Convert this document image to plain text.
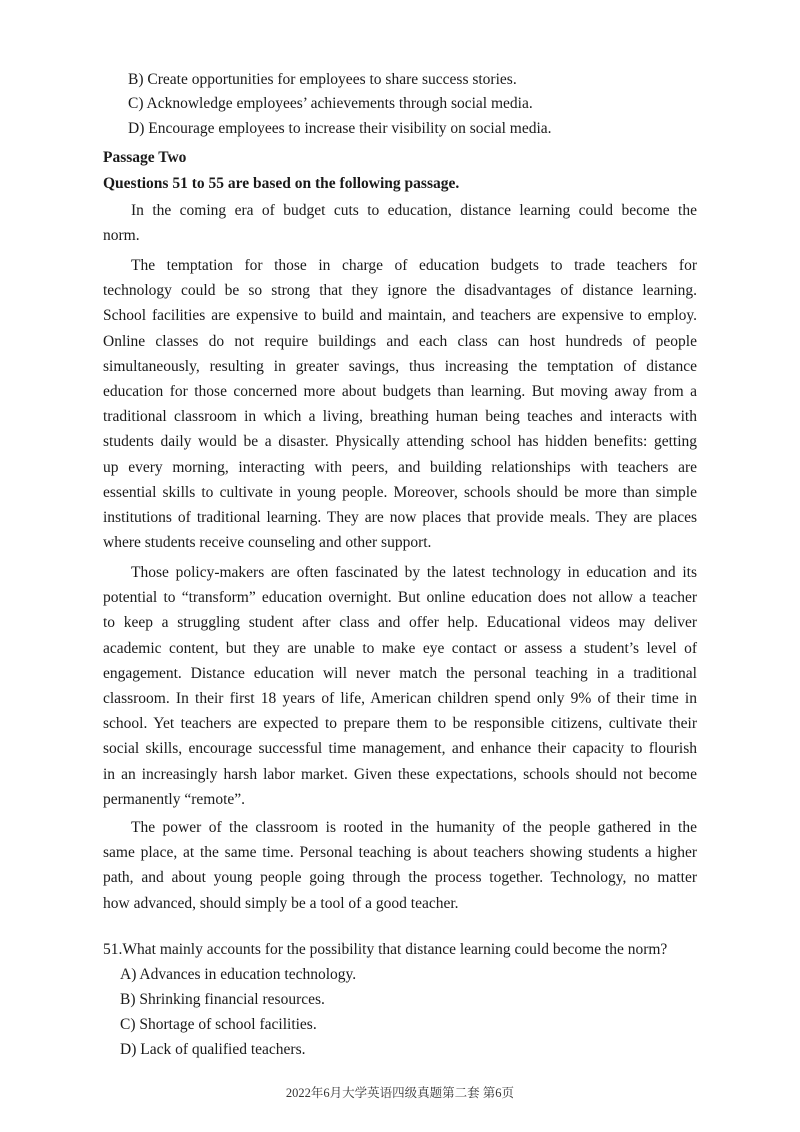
B) Create opportunities for employees to share success stories.
C) Acknowledge employees’ achievements through social media.
D) Encourage employees to increase their visibility on social media.
Passage Two
Questions 51 to 55 are based on the following passage.
In the coming era of budget cuts to education, distance learning could become the
norm.
The temptation for those in charge of education budgets to trade teachers for
technology could be so strong that they ignore the disadvantages of distance learning.
School facilities are expensive to build and maintain, and teachers are expensive to employ.
Online classes do not require buildings and each class can host hundreds of people
simultaneously, resulting in greater savings, thus increasing the temptation of distance
education for those concerned more about budgets than learning. But moving away from a
traditional classroom in which a living, breathing human being teaches and interacts with
students daily would be a disaster. Physically attending school has hidden benefits: getting
up every morning, interacting with peers, and building relationships with teachers are
essential skills to cultivate in young people. Moreover, schools should be more than simple
institutions of traditional learning. They are now places that provide meals. They are places
where students receive counseling and other support.
Those policy-makers are often fascinated by the latest technology in education and its
potential to “transform” education overnight. But online education does not allow a teacher
to keep a struggling student after class and offer help. Educational videos may deliver
academic content, but they are unable to make eye contact or assess a student’s level of
engagement. Distance education will never match the personal teaching in a traditional
classroom. In their first 18 years of life, American children spend only 9% of their time in
school. Yet teachers are expected to prepare them to be responsible citizens, cultivate their
social skills, encourage successful time management, and enhance their capacity to flourish
in an increasingly harsh labor market. Given these expectations, schools should not become
permanently “remote”.
The power of the classroom is rooted in the humanity of the people gathered in the
same place, at the same time. Personal teaching is about teachers showing students a higher
path, and about young people going through the process together. Technology, no matter
how advanced, should simply be a tool of a good teacher.
51.What mainly accounts for the possibility that distance learning could become the norm?
A) Advances in education technology.
B) Shrinking financial resources.
C) Shortage of school facilities.
D) Lack of qualified teachers.
2022年6月大学英语四级真题第二套 第6页
